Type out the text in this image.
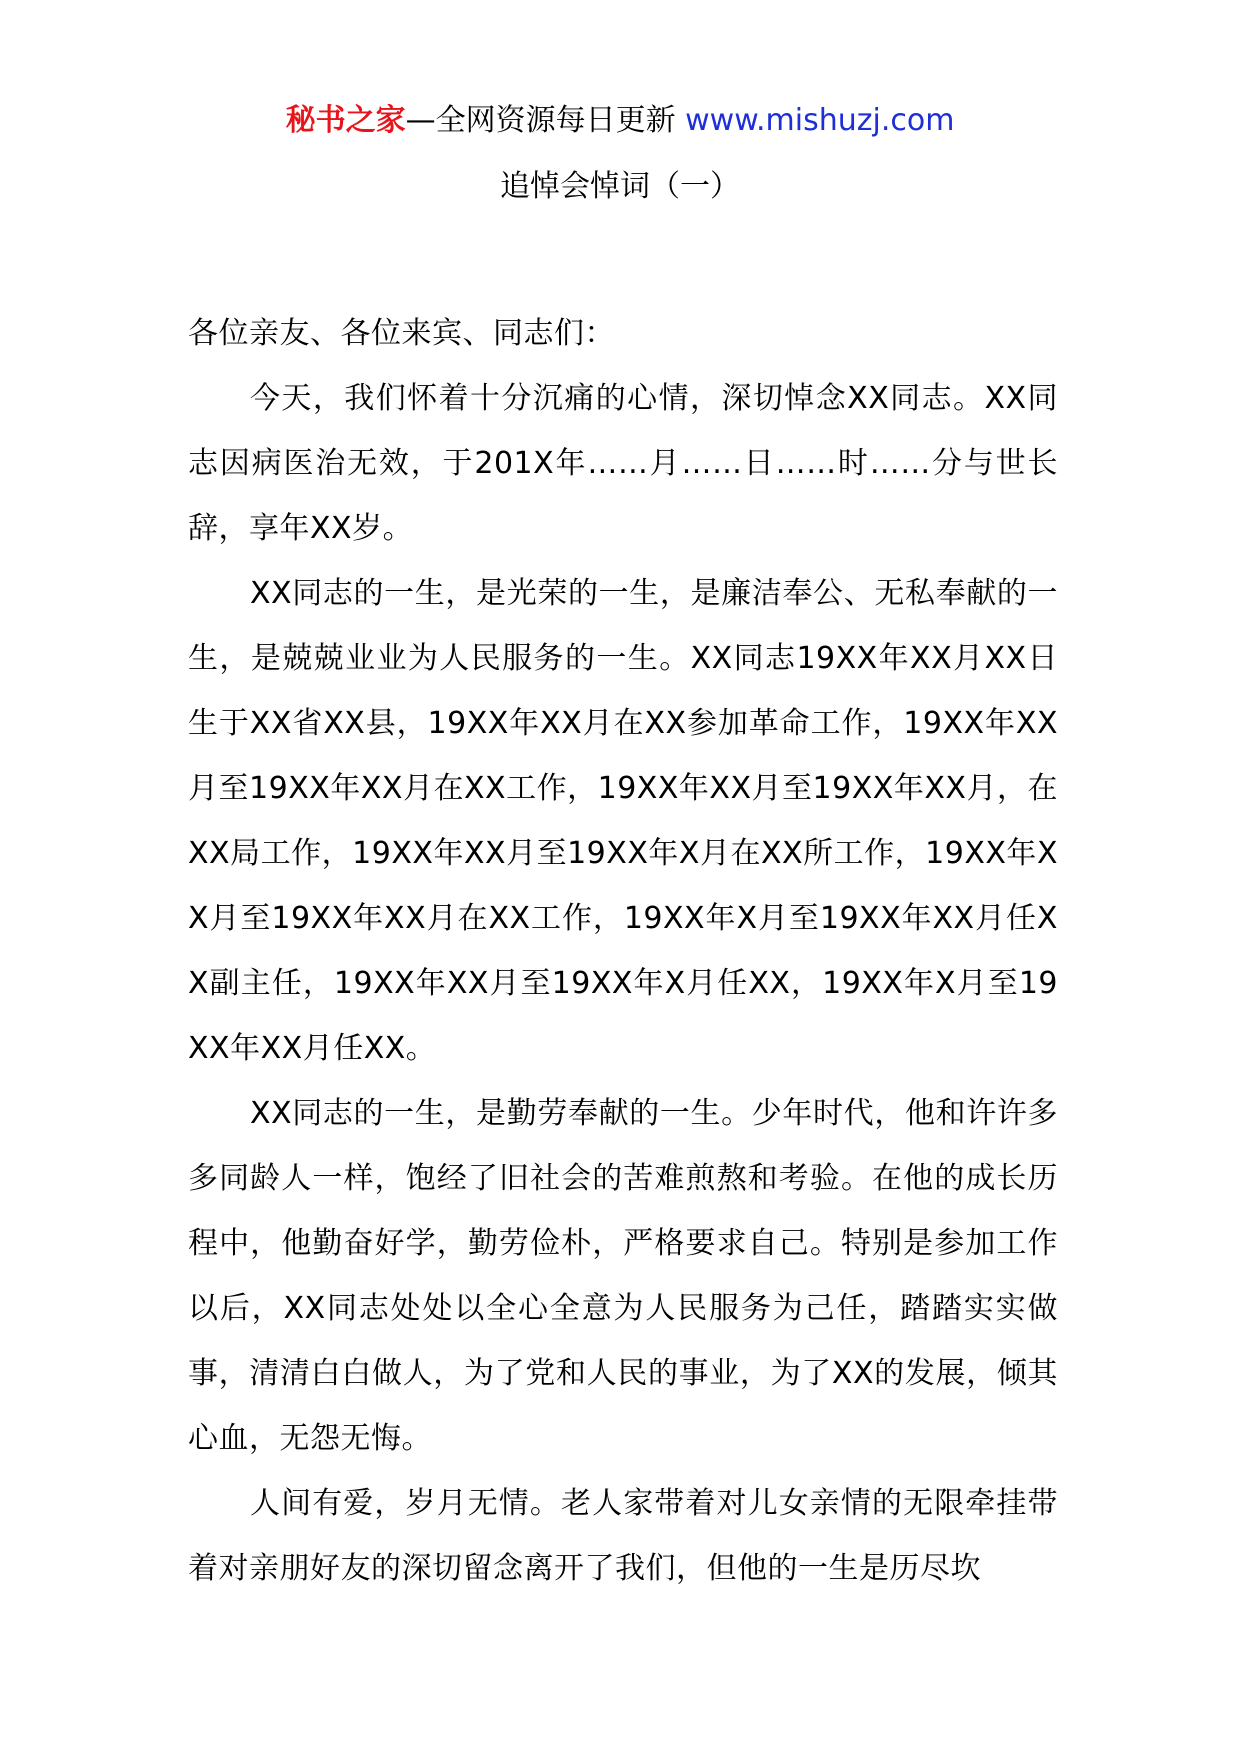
秘书之家—全网资源每日更新 www.mishuzj.com
追悼会悼词（一）

各位亲友、各位来宾、同志们：

今天，我们怀着十分沉痛的心情，深切悼念XX同志。XX同志因病医治无效，于201X年……月……日……时……分与世长辞，享年XX岁。

XX同志的一生，是光荣的一生，是廉洁奉公、无私奉献的一生，是兢兢业业为人民服务的一生。XX同志19XX年XX月XX日生于XX省XX县，19XX年XX月在XX参加革命工作，19XX年XX月至19XX年XX月在XX工作，19XX年XX月至19XX年XX月，在XX局工作，19XX年XX月至19XX年X月在XX所工作，19XX年XX月至19XX年XX月在XX工作，19XX年X月至19XX年XX月任XX副主任，19XX年XX月至19XX年X月任XX，19XX年X月至19XX年XX月任XX。

XX同志的一生，是勤劳奉献的一生。少年时代，他和许许多多同龄人一样，饱经了旧社会的苦难煎熬和考验。在他的成长历程中，他勤奋好学，勤劳俭朴，严格要求自己。特别是参加工作以后，XX同志处处以全心全意为人民服务为己任，踏踏实实做事，清清白白做人，为了党和人民的事业，为了XX的发展，倾其心血，无怨无悔。

人间有爱，岁月无情。老人家带着对儿女亲情的无限牵挂带着对亲朋好友的深切留念离开了我们，但他的一生是历尽坎
